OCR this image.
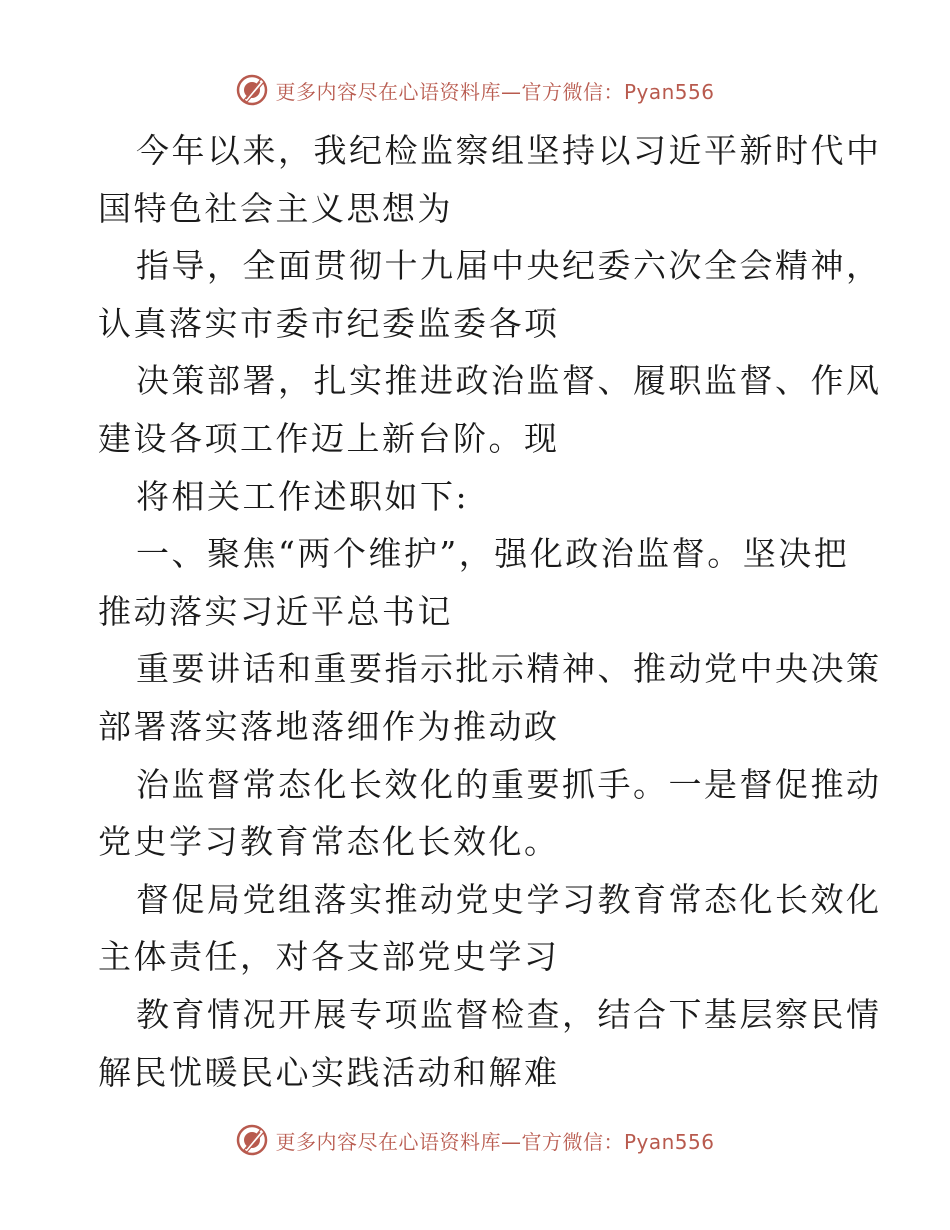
更多内容尽在心语资料库—官方微信：Pyan556
今年以来，我纪检监察组坚持以习近平新时代中
国特色社会主义思想为
指导，全面贯彻十九届中央纪委六次全会精神，
认真落实市委市纪委监委各项
决策部署，扎实推进政治监督、履职监督、作风
建设各项工作迈上新台阶。现
将相关工作述职如下:
一、聚焦“两个维护”，强化政治监督。坚决把
推动落实习近平总书记
重要讲话和重要指示批示精神、推动党中央决策
部署落实落地落细作为推动政
治监督常态化长效化的重要抓手。一是督促推动
党史学习教育常态化长效化。
督促局党组落实推动党史学习教育常态化长效化
主体责任，对各支部党史学习
教育情况开展专项监督检查，结合下基层察民情
解民忧暖民心实践活动和解难
更多内容尽在心语资料库—官方微信：Pyan556
